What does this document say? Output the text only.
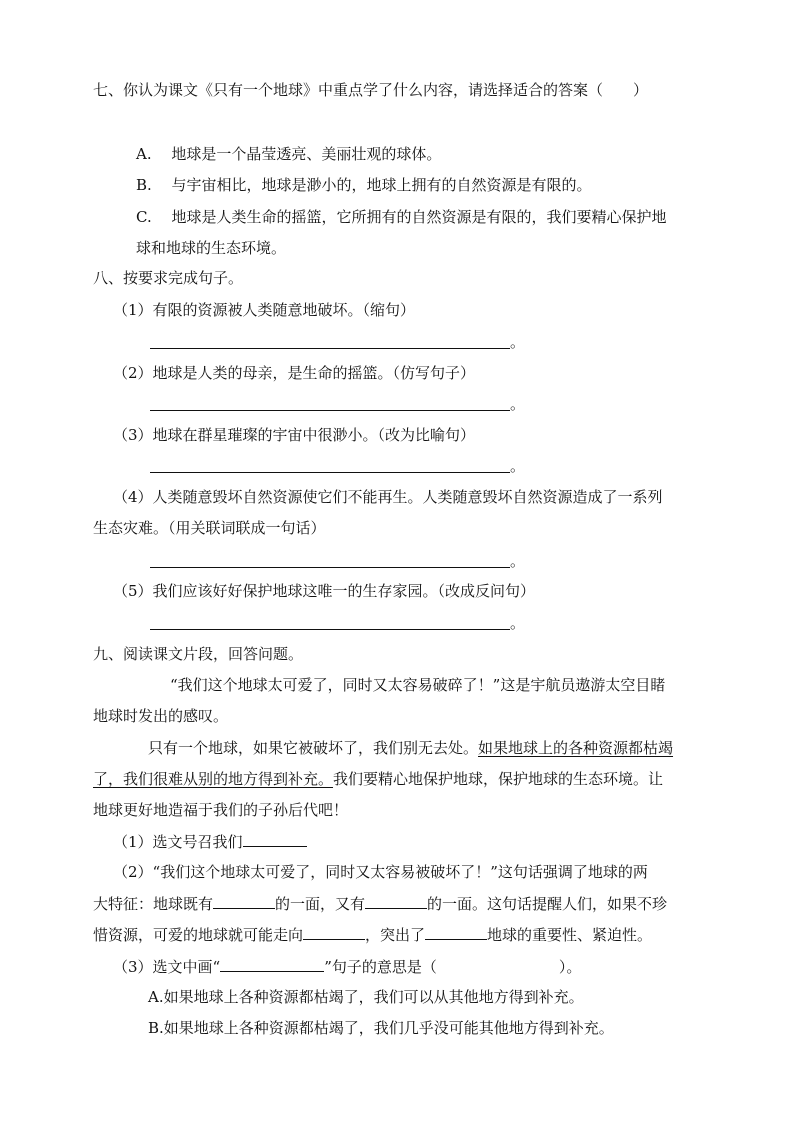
七、你认为课文《只有一个地球》中重点学了什么内容，请选择适合的答案（　　）
A.　 地球是一个晶莹透亮、美丽壮观的球体。
B.　 与宇宙相比，地球是渺小的，地球上拥有的自然资源是有限的。
C.　 地球是人类生命的摇篮，它所拥有的自然资源是有限的，我们要精心保护地
球和地球的生态环境。
八、按要求完成句子。
（1）有限的资源被人类随意地破坏。（缩句）
。
（2）地球是人类的母亲，是生命的摇篮。（仿写句子）
。
（3）地球在群星璀璨的宇宙中很渺小。（改为比喻句）
。
（4）人类随意毁坏自然资源使它们不能再生。人类随意毁坏自然资源造成了一系列
生态灾难。（用关联词联成一句话）
。
（5）我们应该好好保护地球这唯一的生存家园。（改成反问句）
。
九、阅读课文片段，回答问题。
“我们这个地球太可爱了，同时又太容易破碎了！”这是宇航员遨游太空目睹
地球时发出的感叹。
只有一个地球，如果它被破坏了，我们别无去处。如果地球上的各种资源都枯竭
了，我们很难从别的地方得到补充。我们要精心地保护地球，保护地球的生态环境。让
地球更好地造福于我们的子孙后代吧！
（1）选文号召我们
（2）“我们这个地球太可爱了，同时又太容易被破坏了！”这句话强调了地球的两
大特征：地球既有	的一面，又有	的一面。这句话提醒人们，如果不珍
惜资源，可爱的地球就可能走向	，突出了	地球的重要性、紧迫性。
（3）选文中画“	”句子的意思是（	）。
A.如果地球上各种资源都枯竭了，我们可以从其他地方得到补充。
B.如果地球上各种资源都枯竭了，我们几乎没可能其他地方得到补充。
